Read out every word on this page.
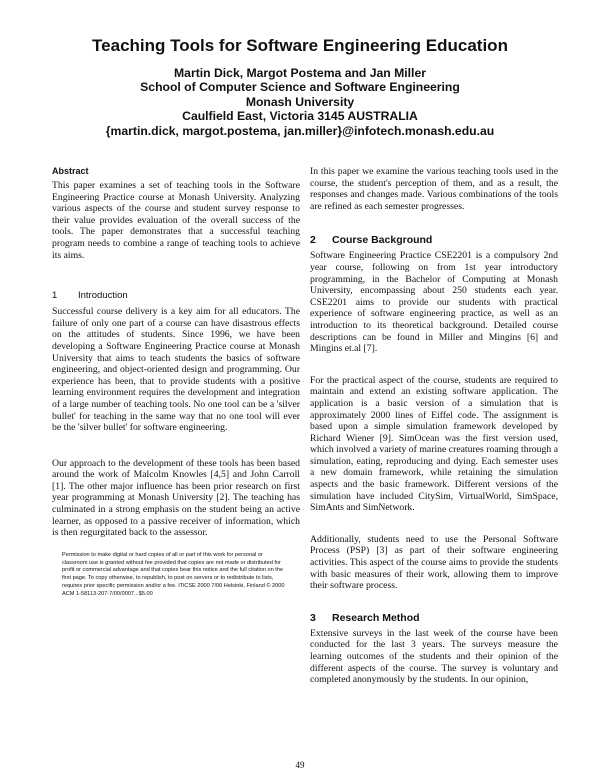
Teaching Tools for Software Engineering Education
Martin Dick, Margot Postema and Jan Miller
School of Computer Science and Software Engineering
Monash University
Caulfield East, Victoria 3145 AUSTRALIA
{martin.dick, margot.postema, jan.miller}@infotech.monash.edu.au
Abstract

This paper examines a set of teaching tools in the Software Engineering Practice course at Monash University. Analyzing various aspects of the course and student survey response to their value provides evaluation of the overall success of the tools. The paper demonstrates that a successful teaching program needs to combine a range of teaching tools to achieve its aims.

1 Introduction

Successful course delivery is a key aim for all educators. The failure of only one part of a course can have disastrous effects on the attitudes of students. Since 1996, we have been developing a Software Engineering Practice course at Monash University that aims to teach students the basics of software engineering, and object-oriented design and programming. Our experience has been, that to provide students with a positive learning environment requires the development and integration of a large number of teaching tools. No one tool can be a 'silver bullet' for teaching in the same way that no one tool will ever be the 'silver bullet' for software engineering.

Our approach to the development of these tools has been based around the work of Malcolm Knowles [4,5] and John Carroll [1]. The other major influence has been prior research on first year programming at Monash University [2]. The teaching has culminated in a strong emphasis on the student being an active learner, as opposed to a passive receiver of information, which is then regurgitated back to the assessor.

Permission to make digital or hard copies of all or part of this work for personal or classroom use is granted without fee provided that copies are not made or distributed for profit or commercial advantage and that copies bear this notice and the full citation on the first page. To copy otherwise, to republish, to post on servers or to redistribute to lists, requires prior specific permission and/or a fee. ITiCSE 2000 7/00 Helsinki, Finland © 2000 ACM 1-58113-207-7/00/0007...$5.00

In this paper we examine the various teaching tools used in the course, the student's perception of them, and as a result, the responses and changes made. Various combinations of the tools are refined as each semester progresses.

2 Course Background

Software Engineering Practice CSE2201 is a compulsory 2nd year course, following on from 1st year introductory programming, in the Bachelor of Computing at Monash University, encompassing about 250 students each year. CSE2201 aims to provide our students with practical experience of software engineering practice, as well as an introduction to its theoretical background. Detailed course descriptions can be found in Miller and Mingins [6] and Mingins et.al [7].

For the practical aspect of the course, students are required to maintain and extend an existing software application. The application is a basic version of a simulation that is approximately 2000 lines of Eiffel code. The assignment is based upon a simple simulation framework developed by Richard Wiener [9]. SimOcean was the first version used, which involved a variety of marine creatures roaming through a simulation, eating, reproducing and dying. Each semester uses a new domain framework, while retaining the simulation aspects and the basic framework. Different versions of the simulation have included CitySim, VirtualWorld, SimSpace, SimAnts and SimNetwork.

Additionally, students need to use the Personal Software Process (PSP) [3] as part of their software engineering activities. This aspect of the course aims to provide the students with basic measures of their work, allowing them to improve their software process.

3 Research Method

Extensive surveys in the last week of the course have been conducted for the last 3 years. The surveys measure the learning outcomes of the students and their opinion of the different aspects of the course. The survey is voluntary and completed anonymously by the students. In our opinion,

49
